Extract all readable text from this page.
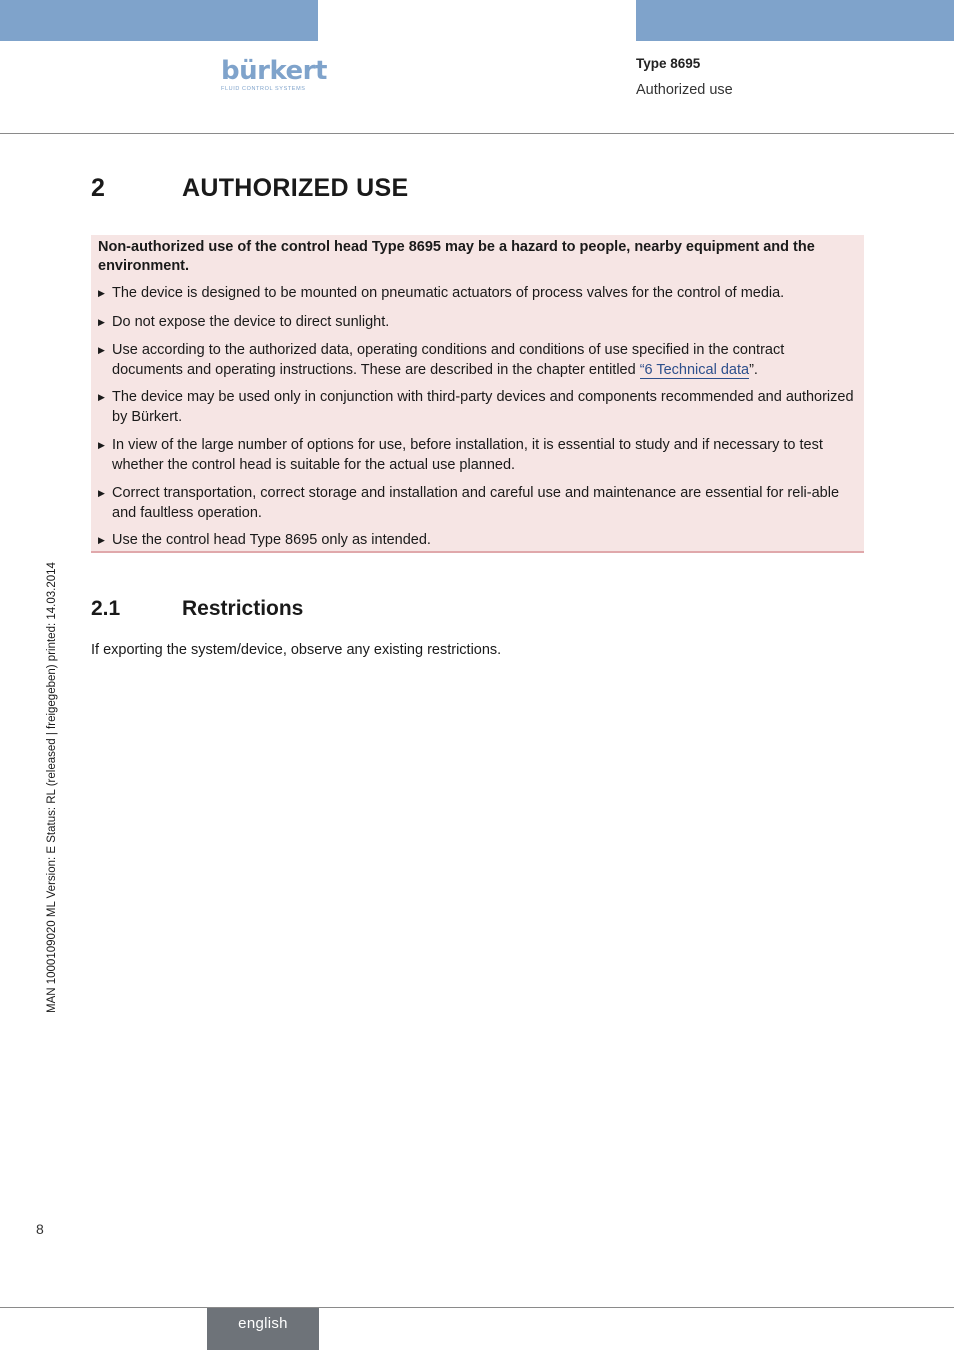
bürkert
FLUID CONTROL SYSTEMS
Type 8695
Authorized use
2	AUTHORIZED USE
Non-authorized use of the control head Type 8695 may be a hazard to people, nearby equipment and the environment.
▶ The device is designed to be mounted on pneumatic actuators of process valves for the control of media.
▶ Do not expose the device to direct sunlight.
▶ Use according to the authorized data, operating conditions and conditions of use specified in the contract documents and operating instructions. These are described in the chapter entitled “6 Technical data”.
▶ The device may be used only in conjunction with third-party devices and components recommended and authorized by Bürkert.
▶ In view of the large number of options for use, before installation, it is essential to study and if necessary to test whether the control head is suitable for the actual use planned.
▶ Correct transportation, correct storage and installation and careful use and maintenance are essential for reli-able and faultless operation.
▶ Use the control head Type 8695 only as intended.
2.1	Restrictions
If exporting the system/device, observe any existing restrictions.
MAN 1000109020 ML Version: E Status: RL (released | freigegeben) printed: 14.03.2014
8
english
